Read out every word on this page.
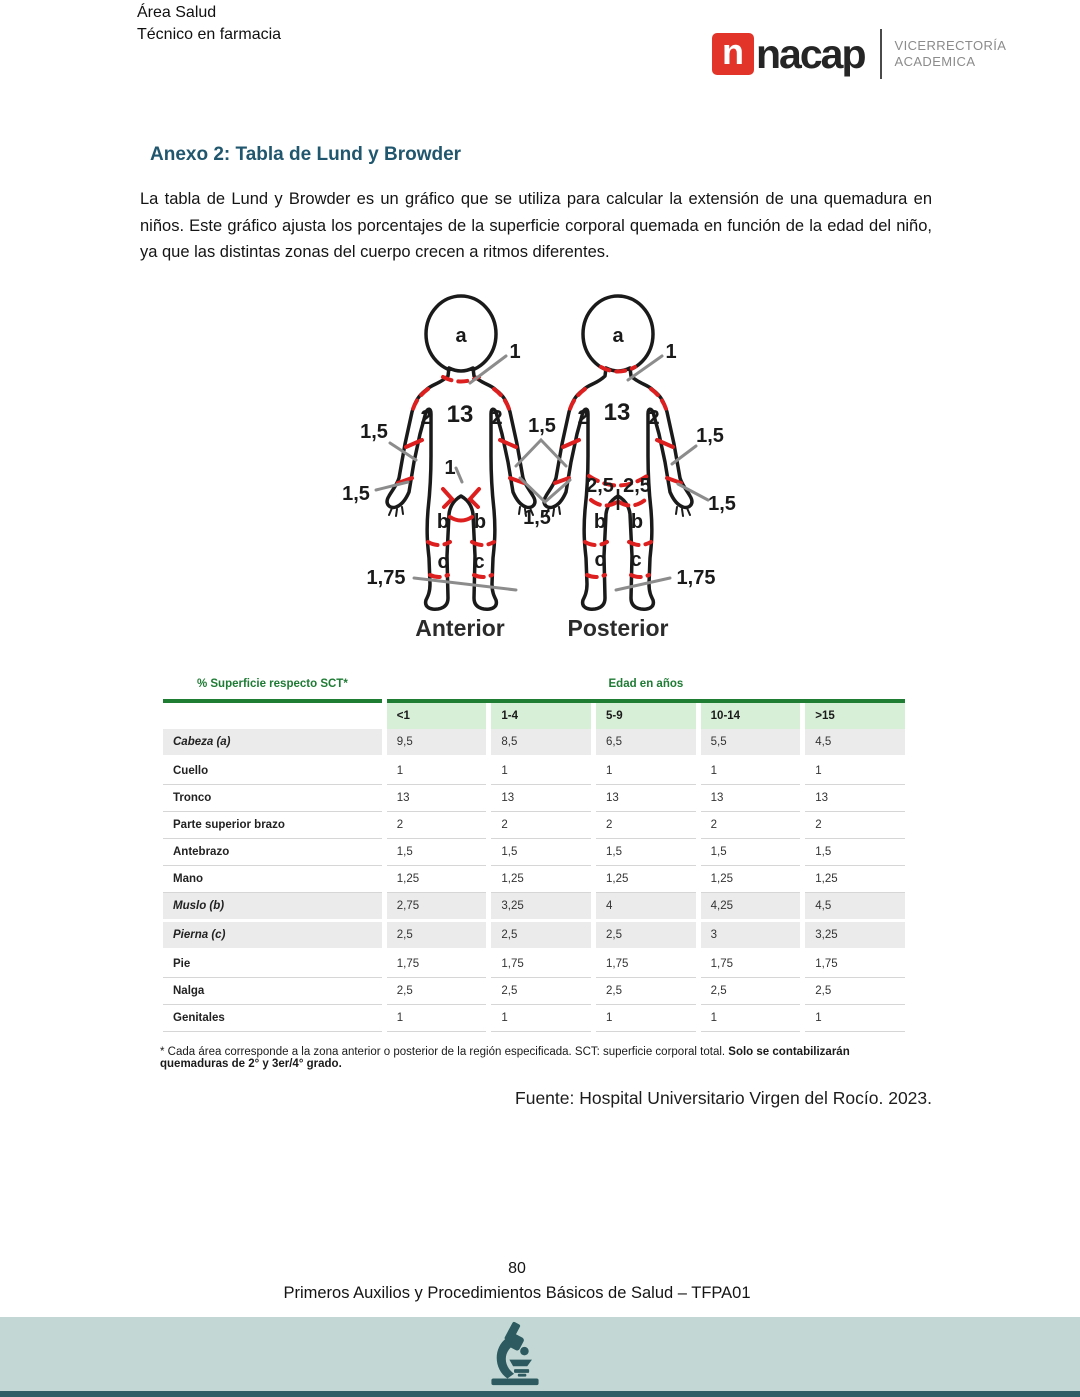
Área Salud
Técnico en farmacia	n nacap VICERRECTORÍA
ACADEMICA
Anexo 2: Tabla de Lund y Browder
La tabla de Lund y Browder es un gráfico que se utiliza para calcular la extensión de una quemadura en niños. Este gráfico ajusta los porcentajes de la superficie corporal quemada en función de la edad del niño, ya que las distintas zonas del cuerpo crecen a ritmos diferentes.
a
13
2	2
1
b b
c c
a
13
2	2
2,5 2,5
b b
c c
1	1
1,5
1,5
1,5
1,5
1,5
1,5
1,75	1,75
Anterior	Posterior
% Superficie respecto SCT*	Edad en años				
	<1	1-4	5-9	10-14	>15
Cabeza (a)	9,5	8,5	6,5	5,5	4,5
Cuello	1	1	1	1	1
Tronco	13	13	13	13	13
Parte superior brazo	2	2	2	2	2
Antebrazo	1,5	1,5	1,5	1,5	1,5
Mano	1,25	1,25	1,25	1,25	1,25
Muslo (b)	2,75	3,25	4	4,25	4,5
Pierna (c)	2,5	2,5	2,5	3	3,25
Pie	1,75	1,75	1,75	1,75	1,75
Nalga	2,5	2,5	2,5	2,5	2,5
Genitales	1	1	1	1	1
* Cada área corresponde a la zona anterior o posterior de la región especificada. SCT: superficie corporal total. Solo se contabilizarán quemaduras de 2° y 3er/4° grado.
Fuente: Hospital Universitario Virgen del Rocío. 2023.
80
Primeros Auxilios y Procedimientos Básicos de Salud – TFPA01
